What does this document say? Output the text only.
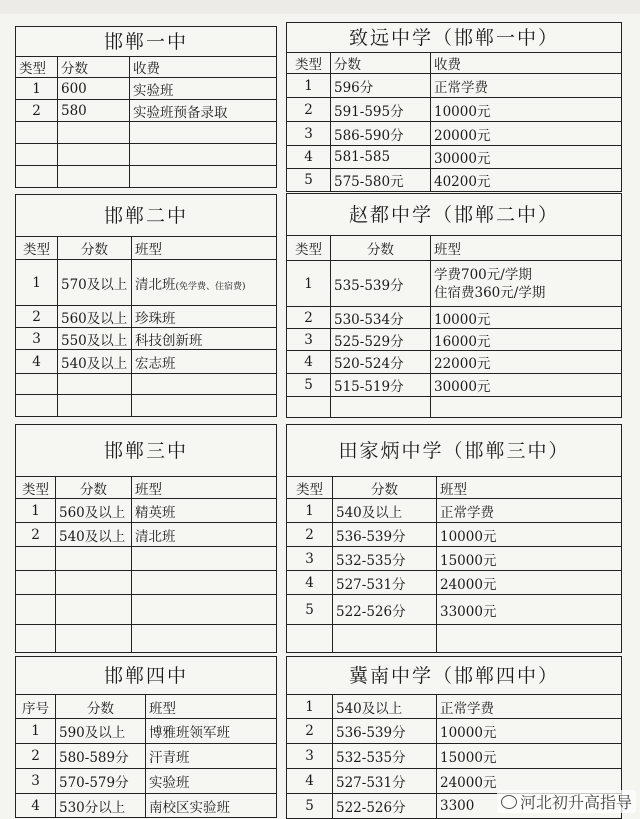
邯郸一中
类型	分数	收费
1	600	实验班
2	580	实验班预备录取

邯郸二中
类型	分数	班型
1	570及以上	清北班(免学费、住宿费)
2	560及以上	珍珠班
3	550及以上	科技创新班
4	540及以上	宏志班

邯郸三中
类型	分数	班型
1	560及以上	精英班
2	540及以上	清北班

邯郸四中
序号	分数	班型
1	590及以上	博雅班领军班
2	580-589分	汗青班
3	570-579分	实验班
4	530分以上	南校区实验班
致远中学（邯郸一中）
类型	分数	收费
1	596分	正常学费
2	591-595分	10000元
3	586-590分	20000元
4	581-585	30000元
5	575-580元	40200元
赵都中学（邯郸二中）
类型	分数	班型
1	535-539分	学费700元/学期
住宿费360元/学期

2	530-534分	10000元
3	525-529分	16000元
4	520-524分	22000元
5	515-519分	30000元

田家炳中学（邯郸三中）
类型	分数	班型
1	540及以上	正常学费
2	536-539分	10000元
3	532-535分	15000元
4	527-531分	24000元
5	522-526分	33000元

冀南中学（邯郸四中）
1	540及以上	正常学费
2	536-539分	10000元
3	532-535分	15000元
4	527-531分	24000元
5	522-526分	3300	河北初升高指导
